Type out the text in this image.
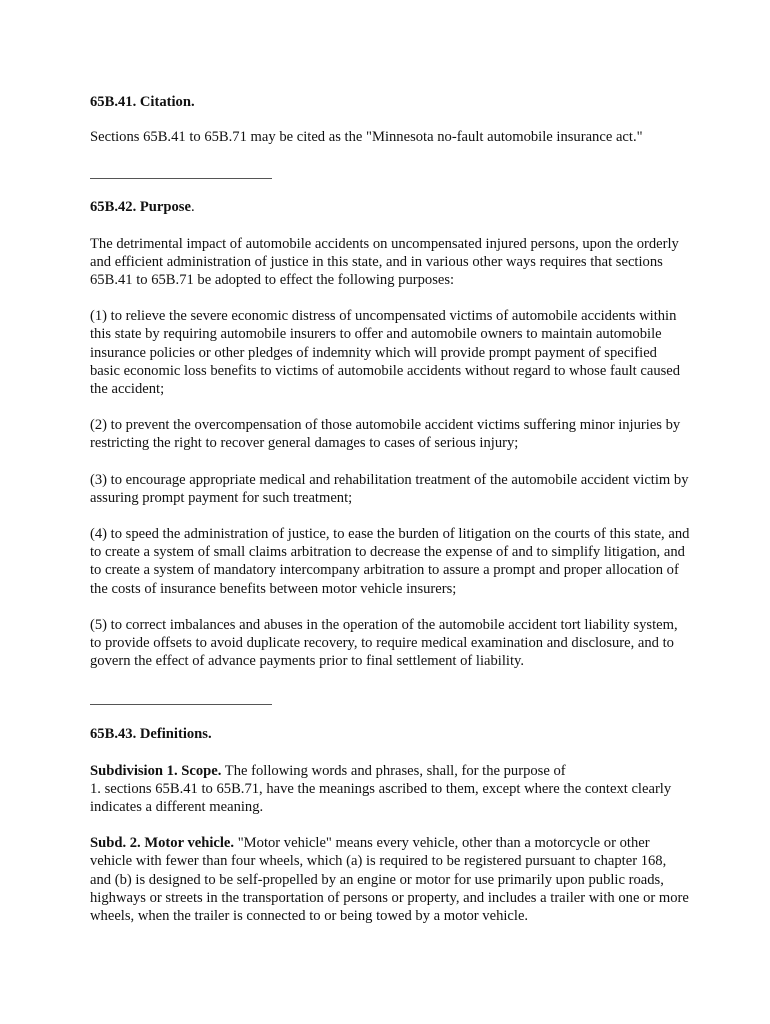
65B.41. Citation.

Sections 65B.41 to 65B.71 may be cited as the "Minnesota no-fault automobile insurance act."

65B.42. Purpose.

The detrimental impact of automobile accidents on uncompensated injured persons, upon the orderly and efficient administration of justice in this state, and in various other ways requires that sections 65B.41 to 65B.71 be adopted to effect the following purposes:

(1) to relieve the severe economic distress of uncompensated victims of automobile accidents within this state by requiring automobile insurers to offer and automobile owners to maintain automobile insurance policies or other pledges of indemnity which will provide prompt payment of specified basic economic loss benefits to victims of automobile accidents without regard to whose fault caused the accident;

(2) to prevent the overcompensation of those automobile accident victims suffering minor injuries by restricting the right to recover general damages to cases of serious injury;

(3) to encourage appropriate medical and rehabilitation treatment of the automobile accident victim by assuring prompt payment for such treatment;

(4) to speed the administration of justice, to ease the burden of litigation on the courts of this state, and to create a system of small claims arbitration to decrease the expense of and to simplify litigation, and to create a system of mandatory intercompany arbitration to assure a prompt and proper allocation of the costs of insurance benefits between motor vehicle insurers;

(5) to correct imbalances and abuses in the operation of the automobile accident tort liability system, to provide offsets to avoid duplicate recovery, to require medical examination and disclosure, and to govern the effect of advance payments prior to final settlement of liability.

65B.43. Definitions.

Subdivision 1. Scope. The following words and phrases, shall, for the purpose of
1. sections 65B.41 to 65B.71, have the meanings ascribed to them, except where the context clearly indicates a different meaning.

Subd. 2. Motor vehicle. "Motor vehicle" means every vehicle, other than a motorcycle or other vehicle with fewer than four wheels, which (a) is required to be registered pursuant to chapter 168, and (b) is designed to be self-propelled by an engine or motor for use primarily upon public roads, highways or streets in the transportation of persons or property, and includes a trailer with one or more wheels, when the trailer is connected to or being towed by a motor vehicle.
